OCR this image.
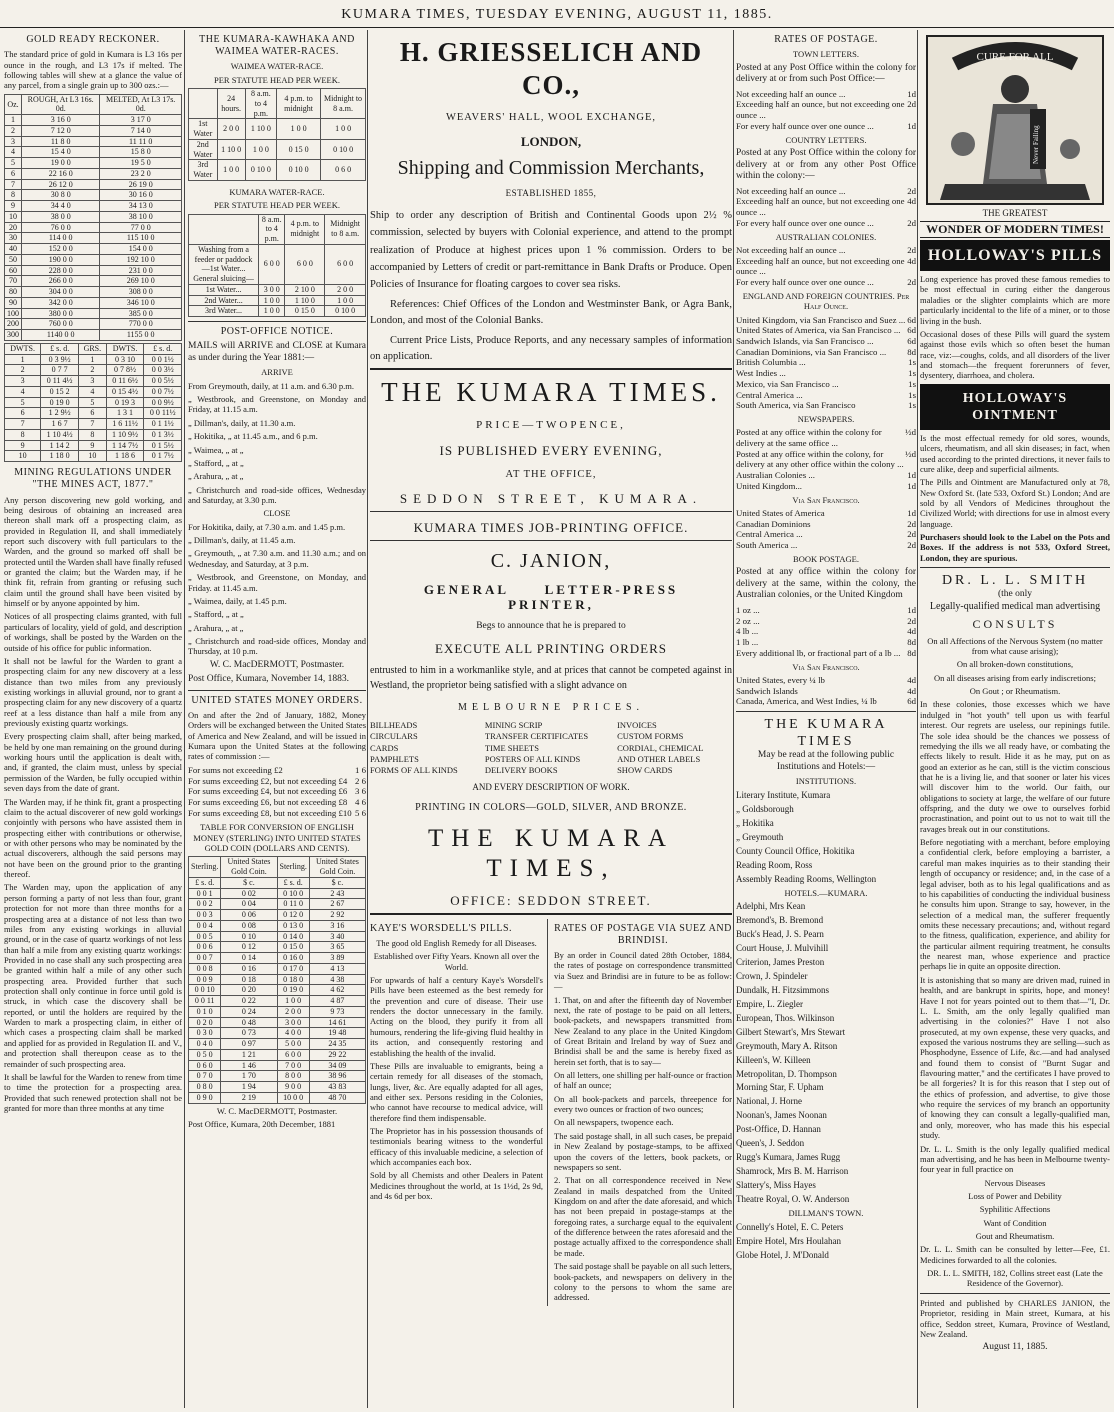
KUMARA TIMES, TUESDAY EVENING, AUGUST 11, 1885.
GOLD READY RECKONER.

The standard price of gold in Kumara is L3 16s per ounce in the rough, and L3 17s if melted. The following tables will shew at a glance the value of any parcel, from a single grain up to 300 ozs.:—

Oz.	ROUGH, At L3 16s. 0d.	MELTED, At L3 17s. 0d.
1	3 16 0	3 17 0
2	7 12 0	7 14 0
3	11 8 0	11 11 0
4	15 4 0	15 8 0
5	19 0 0	19 5 0
6	22 16 0	23 2 0
7	26 12 0	26 19 0
8	30 8 0	30 16 0
9	34 4 0	34 13 0
10	38 0 0	38 10 0
20	76 0 0	77 0 0
30	114 0 0	115 10 0
40	152 0 0	154 0 0
50	190 0 0	192 10 0
60	228 0 0	231 0 0
70	266 0 0	269 10 0
80	304 0 0	308 0 0
90	342 0 0	346 10 0
100	380 0 0	385 0 0
200	760 0 0	770 0 0
300	1140 0 0	1155 0 0
DWTS.	£ s. d.	GRS.	DWTS.	£ s. d.
1	0 3 9½	1	0 3 10	0 0 1½
2	0 7 7	2	0 7 8½	0 0 3½
3	0 11 4½	3	0 11 6½	0 0 5½
4	0 15 2	4	0 15 4½	0 0 7½
5	0 19 0	5	0 19 3	0 0 9½
6	1 2 9½	6	1 3 1	0 0 11½
7	1 6 7	7	1 6 11½	0 1 1½
8	1 10 4½	8	1 10 9½	0 1 3½
9	1 14 2	9	1 14 7½	0 1 5½
10	1 18 0	10	1 18 6	0 1 7½
MINING REGULATIONS UNDER "THE MINES ACT, 1877."

Any person discovering new gold working, and being desirous of obtaining an increased area thereon shall mark off a prospecting claim, as provided in Regulation II, and shall immediately report such discovery with full particulars to the Warden, and the ground so marked off shall be protected until the Warden shall have finally refused or granted the claim; but the Warden may, if he think fit, refrain from granting or refusing such claim until the ground shall have been visited by himself or by anyone appointed by him.

Notices of all prospecting claims granted, with full particulars of locality, yield of gold, and description of workings, shall be posted by the Warden on the outside of his office for public information.

It shall not be lawful for the Warden to grant a prospecting claim for any new discovery at a less distance than two miles from any previously existing workings in alluvial ground, nor to grant a prospecting claim for any new discovery of a quartz reef at a less distance than half a mile from any previously existing quartz workings.

Every prospecting claim shall, after being marked, be held by one man remaining on the ground during working hours until the application is dealt with, and, if granted, the claim must, unless by special permission of the Warden, be fully occupied within seven days from the date of grant.

The Warden may, if he think fit, grant a prospecting claim to the actual discoverer of new gold workings conjointly with persons who have assisted them in prospecting either with contributions or otherwise, or with other persons who may be nominated by the actual discoverers, although the said persons may not have been on the ground prior to the granting thereof.

The Warden may, upon the application of any person forming a party of not less than four, grant protection for not more than three months for a prospecting area at a distance of not less than two miles from any existing workings in alluvial ground, or in the case of quartz workings of not less than half a mile from any existing quartz workings: Provided in no case shall any such prospecting area be granted within half a mile of any other such prospecting area. Provided further that such protection shall only continue in force until gold is struck, in which case the discovery shall be reported, or until the holders are required by the Warden to mark a prospecting claim, in either of which cases a prospecting claim shall be marked and applied for as provided in Regulation II. and V., and protection shall thereupon cease as to the remainder of such prospecting area.

It shall be lawful for the Warden to renew from time to time the protection for a prospecting area. Provided that such renewed protection shall not be granted for more than three months at any time

THE KUMARA-KAWHAKA AND WAIMEA WATER-RACES.
WAIMEA WATER-RACE.
PER STATUTE HEAD PER WEEK.
	24 hours.	8 a.m. to 4 p.m.	4 p.m. to midnight	Midnight to 8 a.m.
1st Water	2 0 0	1 10 0	1 0 0	1 0 0
2nd Water	1 10 0	1 0 0	0 15 0	0 10 0
3rd Water	1 0 0	0 10 0	0 10 0	0 6 0
KUMARA WATER-RACE.
PER STATUTE HEAD PER WEEK.
	8 a.m. to 4 p.m.	4 p.m. to midnight	Midnight to 8 a.m.
Washing from a feeder or paddock—1st Water... General sluicing—	6 0 0	6 0 0	6 0 0
1st Water...	3 0 0	2 10 0	2 0 0
2nd Water...	1 0 0	1 10 0	1 0 0
3rd Water...	1 0 0	0 15 0	0 10 0
POST-OFFICE NOTICE.

MAILS will ARRIVE and CLOSE at Kumara as under during the Year 1881:—

ARRIVE

From Greymouth, daily, at 11 a.m. and 6.30 p.m.

„ Westbrook, and Greenstone, on Monday and Friday, at 11.15 a.m.

„ Dillman's, daily, at 11.30 a.m.

„ Hokitika, „ at 11.45 a.m., and 6 p.m.

„ Waimea, „ at „

„ Stafford, „ at „

„ Arahura, „ at „

„ Christchurch and road-side offices, Wednesday and Saturday, at 3.30 p.m.

CLOSE

For Hokitika, daily, at 7.30 a.m. and 1.45 p.m.

„ Dillman's, daily, at 11.45 a.m.

„ Greymouth, „ at 7.30 a.m. and 11.30 a.m.; and on Wednesday, and Saturday, at 3 p.m.

„ Westbrook, and Greenstone, on Monday, and Friday. at 11.45 a.m.

„ Waimea, daily, at 1.45 p.m.

„ Stafford, „ at „

„ Arahura, „ at „

„ Christchurch and road-side offices, Monday and Thursday, at 10 p.m.

W. C. MacDERMOTT, Postmaster.

Post Office, Kumara, November 14, 1883.

UNITED STATES MONEY ORDERS.

On and after the 2nd of January, 1882, Money Orders will be exchanged between the United States of America and New Zealand, and will be issued in Kumara upon the United States at the following rates of commission :—

For sums not exceeding £2	1 6
For sums exceeding £2, but not exceeding £4 2 6
For sums exceeding £4, but not exceeding £6 3 6
For sums exceeding £6, but not exceeding £8 4 6
For sums exceeding £8, but not exceeding £10 5 6
TABLE FOR CONVERSION OF ENGLISH MONEY (STERLING) INTO UNITED STATES GOLD COIN (DOLLARS AND CENTS).
Sterling.	United States Gold Coin.	Sterling.	United States Gold Coin.
£ s. d.	$ c.	£ s. d.	$ c.
0 0 1	0 02	0 10 0	2 43
0 0 2	0 04	0 11 0	2 67
0 0 3	0 06	0 12 0	2 92
0 0 4	0 08	0 13 0	3 16
0 0 5	0 10	0 14 0	3 40
0 0 6	0 12	0 15 0	3 65
0 0 7	0 14	0 16 0	3 89
0 0 8	0 16	0 17 0	4 13
0 0 9	0 18	0 18 0	4 38
0 0 10	0 20	0 19 0	4 62
0 0 11	0 22	1 0 0	4 87
0 1 0	0 24	2 0 0	9 73
0 2 0	0 48	3 0 0	14 61
0 3 0	0 73	4 0 0	19 48
0 4 0	0 97	5 0 0	24 35
0 5 0	1 21	6 0 0	29 22
0 6 0	1 46	7 0 0	34 09
0 7 0	1 70	8 0 0	38 96
0 8 0	1 94	9 0 0	43 83
0 9 0	2 19	10 0 0	48 70

W. C. MacDERMOTT, Postmaster.

Post Office, Kumara, 20th December, 1881

H. GRIESSELICH AND CO.,
WEAVERS' HALL, WOOL EXCHANGE,
LONDON,
Shipping and Commission Merchants,
ESTABLISHED 1855,

Ship to order any description of British and Continental Goods upon 2½ % commission, selected by buyers with Colonial experience, and attend to the prompt realization of Produce at highest prices upon 1 % commission. Orders to be accompanied by Letters of credit or part-remittance in Bank Drafts or Produce. Open Policies of Insurance for floating cargoes to cover sea risks.

References: Chief Offices of the London and Westminster Bank, or Agra Bank, London, and most of the Colonial Banks.

Current Price Lists, Produce Reports, and any necessary samples of information on application.

THE KUMARA TIMES.
PRICE—TWOPENCE,
IS PUBLISHED EVERY EVENING,
AT THE OFFICE,
SEDDON STREET, KUMARA.
KUMARA TIMES JOB-PRINTING OFFICE.
C. JANION,
GENERAL LETTER-PRESS PRINTER,
Begs to announce that he is prepared to
EXECUTE ALL PRINTING ORDERS

entrusted to him in a workmanlike style, and at prices that cannot be competed against in Westland, the proprietor being satisfied with a slight advance on

MELBOURNE PRICES.
BILLHEADS	MINING SCRIP	INVOICES
CIRCULARS	TRANSFER CERTIFICATES	CUSTOM FORMS
CARDS	TIME SHEETS	CORDIAL, CHEMICAL
PAMPHLETS	POSTERS OF ALL KINDS	AND OTHER LABELS
FORMS OF ALL KINDS	DELIVERY BOOKS	SHOW CARDS
AND EVERY DESCRIPTION OF WORK.
PRINTING IN COLORS—GOLD, SILVER, AND BRONZE.
THE KUMARA TIMES,
OFFICE: SEDDON STREET.
KAYE'S WORSDELL'S PILLS.

The good old English Remedy for all Diseases.

Established over Fifty Years. Known all over the World.

For upwards of half a century Kaye's Worsdell's Pills have been esteemed as the best remedy for the prevention and cure of disease. Their use renders the doctor unnecessary in the family. Acting on the blood, they purify it from all humours, rendering the life-giving fluid healthy in its action, and consequently restoring and establishing the health of the invalid.

These Pills are invaluable to emigrants, being a certain remedy for all diseases of the stomach, lungs, liver, &c. Are equally adapted for all ages, and either sex. Persons residing in the Colonies, who cannot have recourse to medical advice, will therefore find them indispensable.

The Proprietor has in his possession thousands of testimonials bearing witness to the wonderful efficacy of this invaluable medicine, a selection of which accompanies each box.

Sold by all Chemists and other Dealers in Patent Medicines throughout the world, at 1s 1½d, 2s 9d, and 4s 6d per box.

RATES OF POSTAGE VIA SUEZ AND BRINDISI.

By an order in Council dated 28th October, 1884, the rates of postage on correspondence transmitted via Suez and Brindisi are in future to be as follow:—

1. That, on and after the fifteenth day of November next, the rate of postage to be paid on all letters, book-packets, and newspapers transmitted from New Zealand to any place in the United Kingdom of Great Britain and Ireland by way of Suez and Brindisi shall be and the same is hereby fixed as herein set forth, that is to say—

On all letters, one shilling per half-ounce or fraction of half an ounce;

On all book-packets and parcels, threepence for every two ounces or fraction of two ounces;

On all newspapers, twopence each.

The said postage shall, in all such cases, be prepaid in New Zealand by postage-stamps, to be affixed upon the covers of the letters, book packets, or newspapers so sent.

2. That on all correspondence received in New Zealand in mails despatched from the United Kingdom on and after the date aforesaid, and which has not been prepaid in postage-stamps at the foregoing rates, a surcharge equal to the equivalent of the difference between the rates aforesaid and the postage actually affixed to the correspondence shall be made.

The said postage shall be payable on all such letters, book-packets, and newspapers on delivery in the colony to the persons to whom the same are addressed.

RATES OF POSTAGE.
TOWN LETTERS.

Posted at any Post Office within the colony for delivery at or from such Post Office:—

Not exceeding half an ounce ...	1d
Exceeding half an ounce, but not exceeding one ounce ...
2d
For every half ounce over one ounce ...	1d
COUNTRY LETTERS.

Posted at any Post Office within the colony for delivery at or from any other Post Office within the colony:—

Not exceeding half an ounce ...	2d
Exceeding half an ounce, but not exceeding one ounce ...
4d
For every half ounce over one ounce ...	2d
AUSTRALIAN COLONIES.
Not exceeding half an ounce ...	2d
Exceeding half an ounce, but not exceeding one ounce ...
4d
For every half ounce over one ounce ...	2d
ENGLAND AND FOREIGN COUNTRIES. Per Half Ounce.
United Kingdom, via San Francisco and Suez ... 6d
United States of America, via San Francisco ... 6d
Sandwich Islands, via San Francisco ...	6d
Canadian Dominions, via San Francisco ... 8d
British Columbia ...	1s
West Indies ...	1s
Mexico, via San Francisco ...	1s
Central America ...	1s
South America, via San Francisco	1s
NEWSPAPERS.
Posted at any office within the colony for delivery at the same office ...
½d
Posted at any office within the colony, for delivery at any other office within the colony ...
½d
Australian Colonies ...	1d
United Kingdom...	1d
Via San Francisco.
United States of America	1d
Canadian Dominions	2d
Central America ...	2d
South America ...	2d
BOOK POSTAGE.

Posted at any office within the colony for delivery at the same, within the colony, the Australian colonies, or the United Kingdom

1 oz ...	1d
2 oz ...	2d
4 lb ...	4d
1 lb ...	8d
Every additional lb, or fractional part of a lb ... 8d
Via San Francisco.
United States, every ¼ lb	4d
Sandwich Islands	4d
Canada, America, and West Indies, ¼ lb	6d
THE KUMARA TIMES

May be read at the following public Institutions and Hotels:—

INSTITUTIONS.

Literary Institute, Kumara

„ Goldsborough

„ Hokitika

„ Greymouth

County Council Office, Hokitika

Reading Room, Ross

Assembly Reading Rooms, Wellington

HOTELS.—KUMARA.

Adelphi, Mrs Kean

Bremond's, B. Bremond

Buck's Head, J. S. Pearn

Court House, J. Mulvihill

Criterion, James Preston

Crown, J. Spindeler

Dundalk, H. Fitzsimmons

Empire, L. Ziegler

European, Thos. Wilkinson

Gilbert Stewart's, Mrs Stewart

Greymouth, Mary A. Ritson

Killeen's, W. Killeen

Metropolitan, D. Thompson

Morning Star, F. Upham

National, J. Horne

Noonan's, James Noonan

Post-Office, D. Hannan

Queen's, J. Seddon

Rugg's Kumara, James Rugg

Shamrock, Mrs B. M. Harrison

Slattery's, Miss Hayes

Theatre Royal, O. W. Anderson

DILLMAN'S TOWN.

Connelly's Hotel, E. C. Peters

Empire Hotel, Mrs Houlahan

Globe Hotel, J. M'Donald

CURE FOR ALL
Never Failing
THE GREATEST
WONDER OF MODERN TIMES!
HOLLOWAY'S PILLS

Long experience has proved these famous remedies to be most effectual in curing either the dangerous maladies or the slighter complaints which are more particularly incidental to the life of a miner, or to those living in the bush.

Occasional doses of these Pills will guard the system against those evils which so often beset the human race, viz:—coughs, colds, and all disorders of the liver and stomach—the frequent forerunners of fever, dysentery, diarrhoea, and cholera.

HOLLOWAY'S OINTMENT

Is the most effectual remedy for old sores, wounds, ulcers, rheumatism, and all skin diseases; in fact, when used according to the printed directions, it never fails to cure alike, deep and superficial ailments.

The Pills and Ointment are Manufactured only at 78, New Oxford St. (late 533, Oxford St.) London; And are sold by all Vendors of Medicines throughout the Civilized World; with directions for use in almost every language.

Purchasers should look to the Label on the Pots and Boxes. If the address is not 533, Oxford Street, London, they are spurious.

DR. L. L. SMITH
(the only
Legally-qualified medical man advertising
CONSULTS

On all Affections of the Nervous System (no matter from what cause arising);

On all broken-down constitutions,

On all diseases arising from early indiscretions;

On Gout ; or Rheumatism.

In these colonies, those excesses which we have indulged in "hot youth" tell upon us with fearful interest. Our regrets are useless, our repinings futile. The sole idea should be the chances we possess of remedying the ills we all ready have, or combating the effects likely to result. Hide it as he may, put on as good an exterior as he can, still is the victim conscious that he is a living lie, and that sooner or later his vices will discover him to the world. Our faith, our obligations to society at large, the welfare of our future offspring, and the duty we owe to ourselves forbid procrastination, and point out to us not to wait till the ravages break out in our constitutions.

Before negotiating with a merchant, before employing a confidential clerk, before employing a barrister, a careful man makes inquiries as to their standing their length of occupancy or residence; and, in the case of a legal adviser, both as to his legal qualifications and as to his capabilities of conducting the individual business he consults him upon. Strange to say, however, in the selection of a medical man, the sufferer frequently omits these necessary precautions; and, without regard to the fitness, qualification, experience, and ability for the particular ailment requiring treatment, he consults the nearest man, whose experience and practice perhaps lie in quite an opposite direction.

It is astonishing that so many are driven mad, ruined in health, and are bankrupt in spirits, hope, and money! Have I not for years pointed out to them that—"I, Dr. L. L. Smith, am the only legally qualified man advertising in the colonies?" Have I not also prosecuted, at my own expense, these very quacks, and exposed the various nostrums they are selling—such as Phosphodyne, Essence of Life, &c.—and had analysed and found them to consist of "Burnt Sugar and flavouring matter," and the certificates I have proved to be all forgeries? It is for this reason that I step out of the ethics of profession, and advertise, to give those who require the services of my branch an opportunity of knowing they can consult a legally-qualified man, and only, moreover, who has made this his especial study.

Dr. L. L. Smith is the only legally qualified medical man advertising, and he has been in Melbourne twenty-four year in full practice on

Nervous Diseases

Loss of Power and Debility

Syphilitic Affections

Want of Condition

Gout and Rheumatism.

Dr. L. L. Smith can be consulted by letter—Fee, £1. Medicines forwarded to all the colonies.

DR. L. L. SMITH, 182, Collins street east (Late the Residence of the Governor).

Printed and published by CHARLES JANION, the Proprietor, residing in Main street, Kumara, at his office, Seddon street, Kumara, Province of Westland, New Zealand.

August 11, 1885.
